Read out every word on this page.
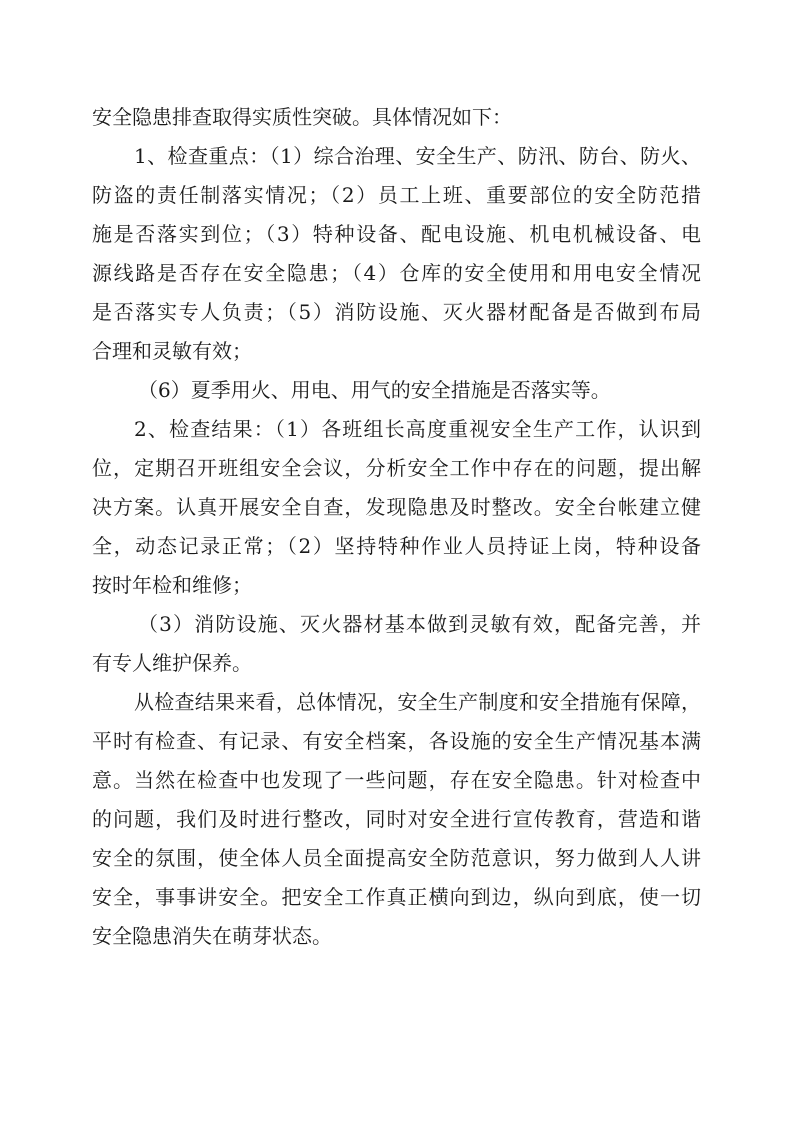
安全隐患排查取得实质性突破。具体情况如下：

1、检查重点：（1）综合治理、安全生产、防汛、防台、防火、
防盗的责任制落实情况；（2）员工上班、重要部位的安全防范措
施是否落实到位；（3）特种设备、配电设施、机电机械设备、电
源线路是否存在安全隐患；（4）仓库的安全使用和用电安全情况
是否落实专人负责；（5）消防设施、灭火器材配备是否做到布局
合理和灵敏有效；

（6）夏季用火、用电、用气的安全措施是否落实等。

2、检查结果：（1）各班组长高度重视安全生产工作，认识到
位，定期召开班组安全会议，分析安全工作中存在的问题，提出解
决方案。认真开展安全自查，发现隐患及时整改。安全台帐建立健
全，动态记录正常；（2）坚持特种作业人员持证上岗，特种设备
按时年检和维修；

（3）消防设施、灭火器材基本做到灵敏有效，配备完善，并
有专人维护保养。

从检查结果来看，总体情况，安全生产制度和安全措施有保障，
平时有检查、有记录、有安全档案，各设施的安全生产情况基本满
意。当然在检查中也发现了一些问题，存在安全隐患。针对检查中
的问题，我们及时进行整改，同时对安全进行宣传教育，营造和谐
安全的氛围，使全体人员全面提高安全防范意识，努力做到人人讲
安全，事事讲安全。把安全工作真正横向到边，纵向到底，使一切
安全隐患消失在萌芽状态。
